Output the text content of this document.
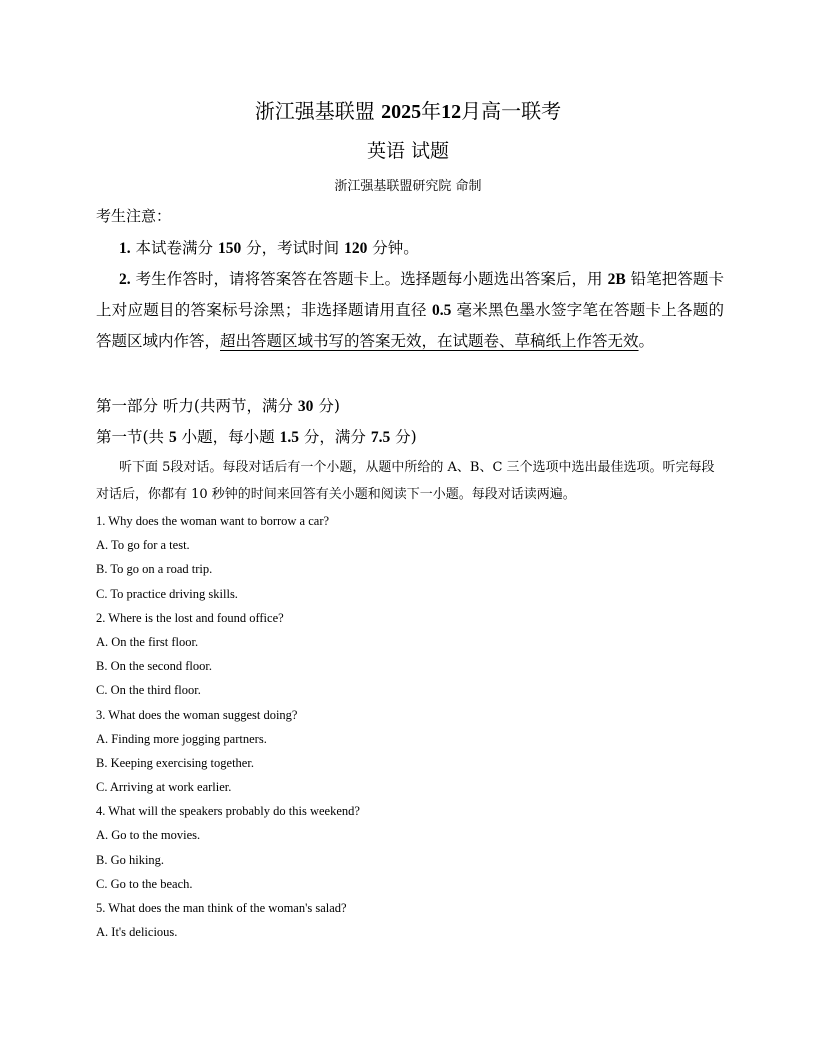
浙江强基联盟 2025年12月高一联考
英语 试题
浙江强基联盟研究院 命制
考生注意：
1. 本试卷满分 150 分，考试时间 120 分钟。
2. 考生作答时，请将答案答在答题卡上。选择题每小题选出答案后，用 2B 铅笔把答题卡上对应题目的答案标号涂黑；非选择题请用直径 0.5 毫米黑色墨水签字笔在答题卡上各题的答题区域内作答，超出答题区域书写的答案无效，在试题卷、草稿纸上作答无效。
第一部分 听力(共两节，满分 30 分)
第一节(共 5 小题，每小题 1.5 分，满分 7.5 分)
听下面 5段对话。每段对话后有一个小题，从题中所给的 A、B、C 三个选项中选出最佳选项。听完每段对话后，你都有 10 秒钟的时间来回答有关小题和阅读下一小题。每段对话读两遍。
1. Why does the woman want to borrow a car?
A. To go for a test.
B. To go on a road trip.
C. To practice driving skills.
2. Where is the lost and found office?
A. On the first floor.
B. On the second floor.
C. On the third floor.
3. What does the woman suggest doing?
A. Finding more jogging partners.
B. Keeping exercising together.
C. Arriving at work earlier.
4. What will the speakers probably do this weekend?
A. Go to the movies.
B. Go hiking.
C. Go to the beach.
5. What does the man think of the woman's salad?
A. It's delicious.
